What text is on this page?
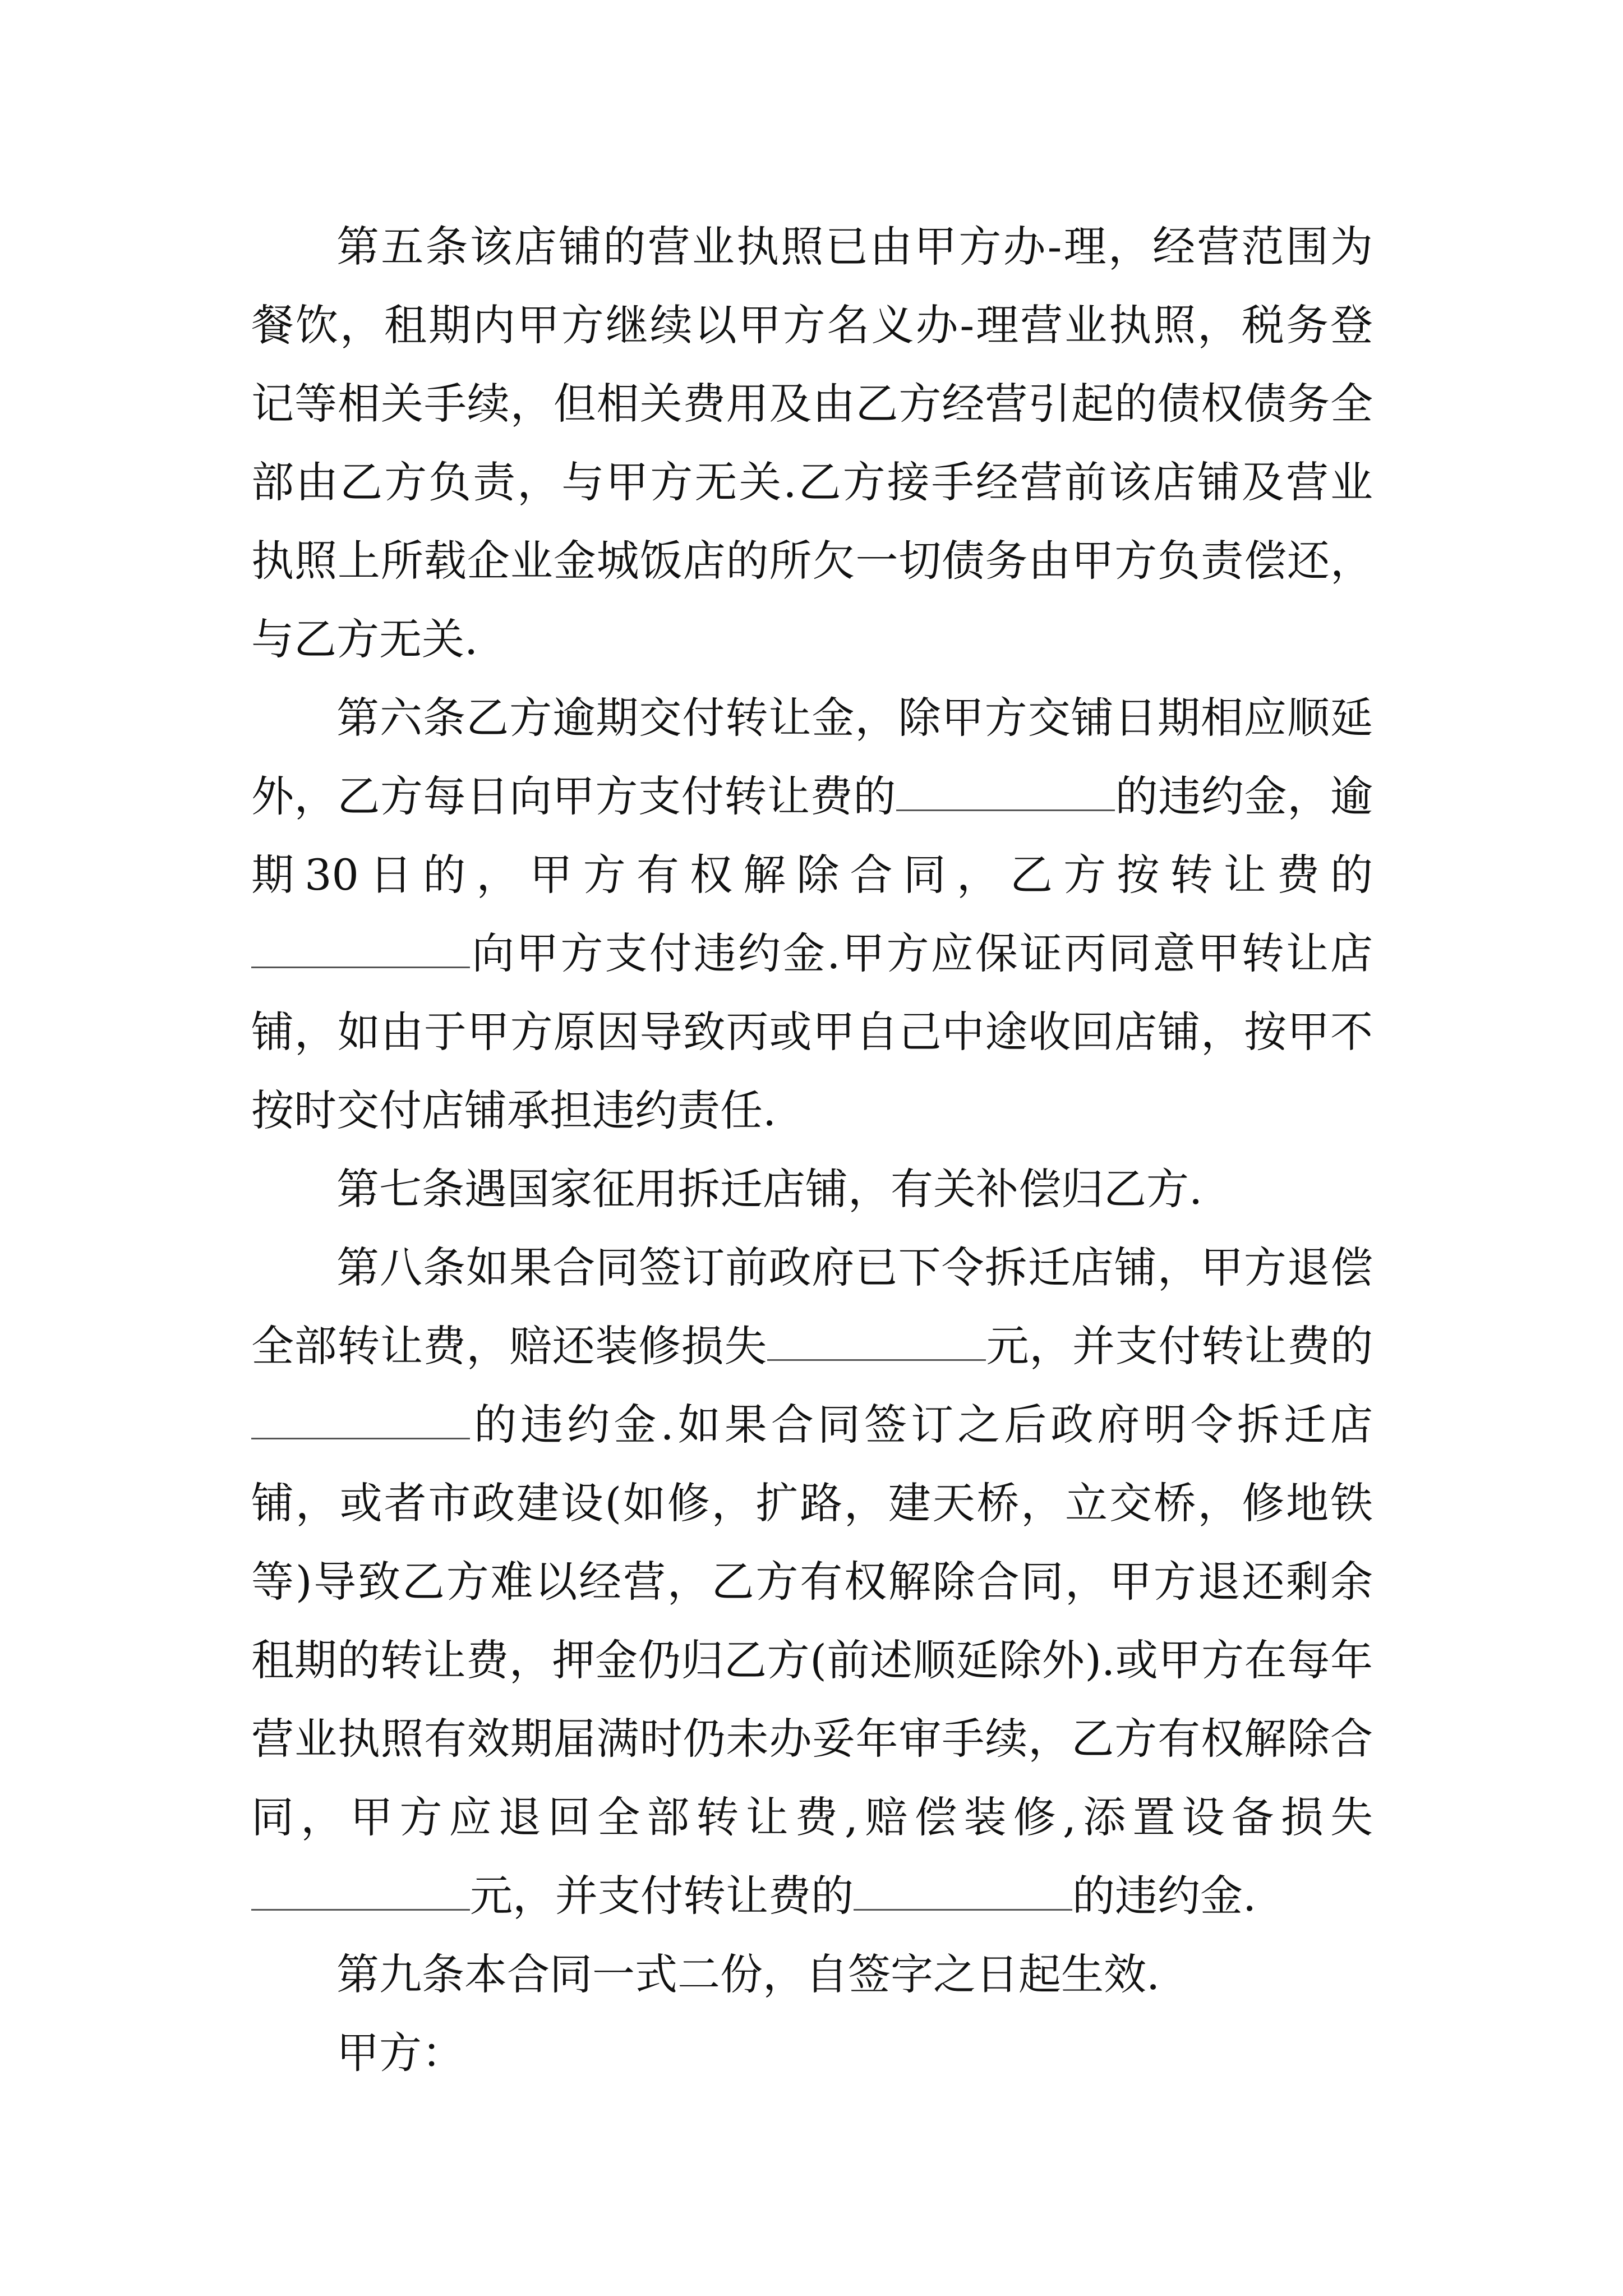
第五条该店铺的营业执照已由甲方办-理，经营范围为餐饮，租期内甲方继续以甲方名义办-理营业执照，税务登记等相关手续，但相关费用及由乙方经营引起的债权债务全部由乙方负责，与甲方无关.乙方接手经营前该店铺及营业执照上所载企业金城饭店的所欠一切债务由甲方负责偿还，与乙方无关.

第六条乙方逾期交付转让金，除甲方交铺日期相应顺延外，乙方每日向甲方支付转让费的	的违约金，逾期30日的，甲方有权解除合同，乙方按转让费的向甲方支付违约金.甲方应保证丙同意甲转让店铺，如由于甲方原因导致丙或甲自己中途收回店铺，按甲不按时交付店铺承担违约责任.

第七条遇国家征用拆迁店铺，有关补偿归乙方.

第八条如果合同签订前政府已下令拆迁店铺，甲方退偿全部转让费，赔还装修损失	元，并支付转让费的的违约金.如果合同签订之后政府明令拆迁店铺，或者市政建设(如修，扩路，建天桥，立交桥，修地铁等)导致乙方难以经营，乙方有权解除合同，甲方退还剩余租期的转让费，押金仍归乙方(前述顺延除外).或甲方在每年营业执照有效期届满时仍未办妥年审手续，乙方有权解除合同，甲方应退回全部转让费,赔偿装修,添置设备损失元，并支付转让费的	的违约金.

第九条本合同一式二份，自签字之日起生效.

甲方：
